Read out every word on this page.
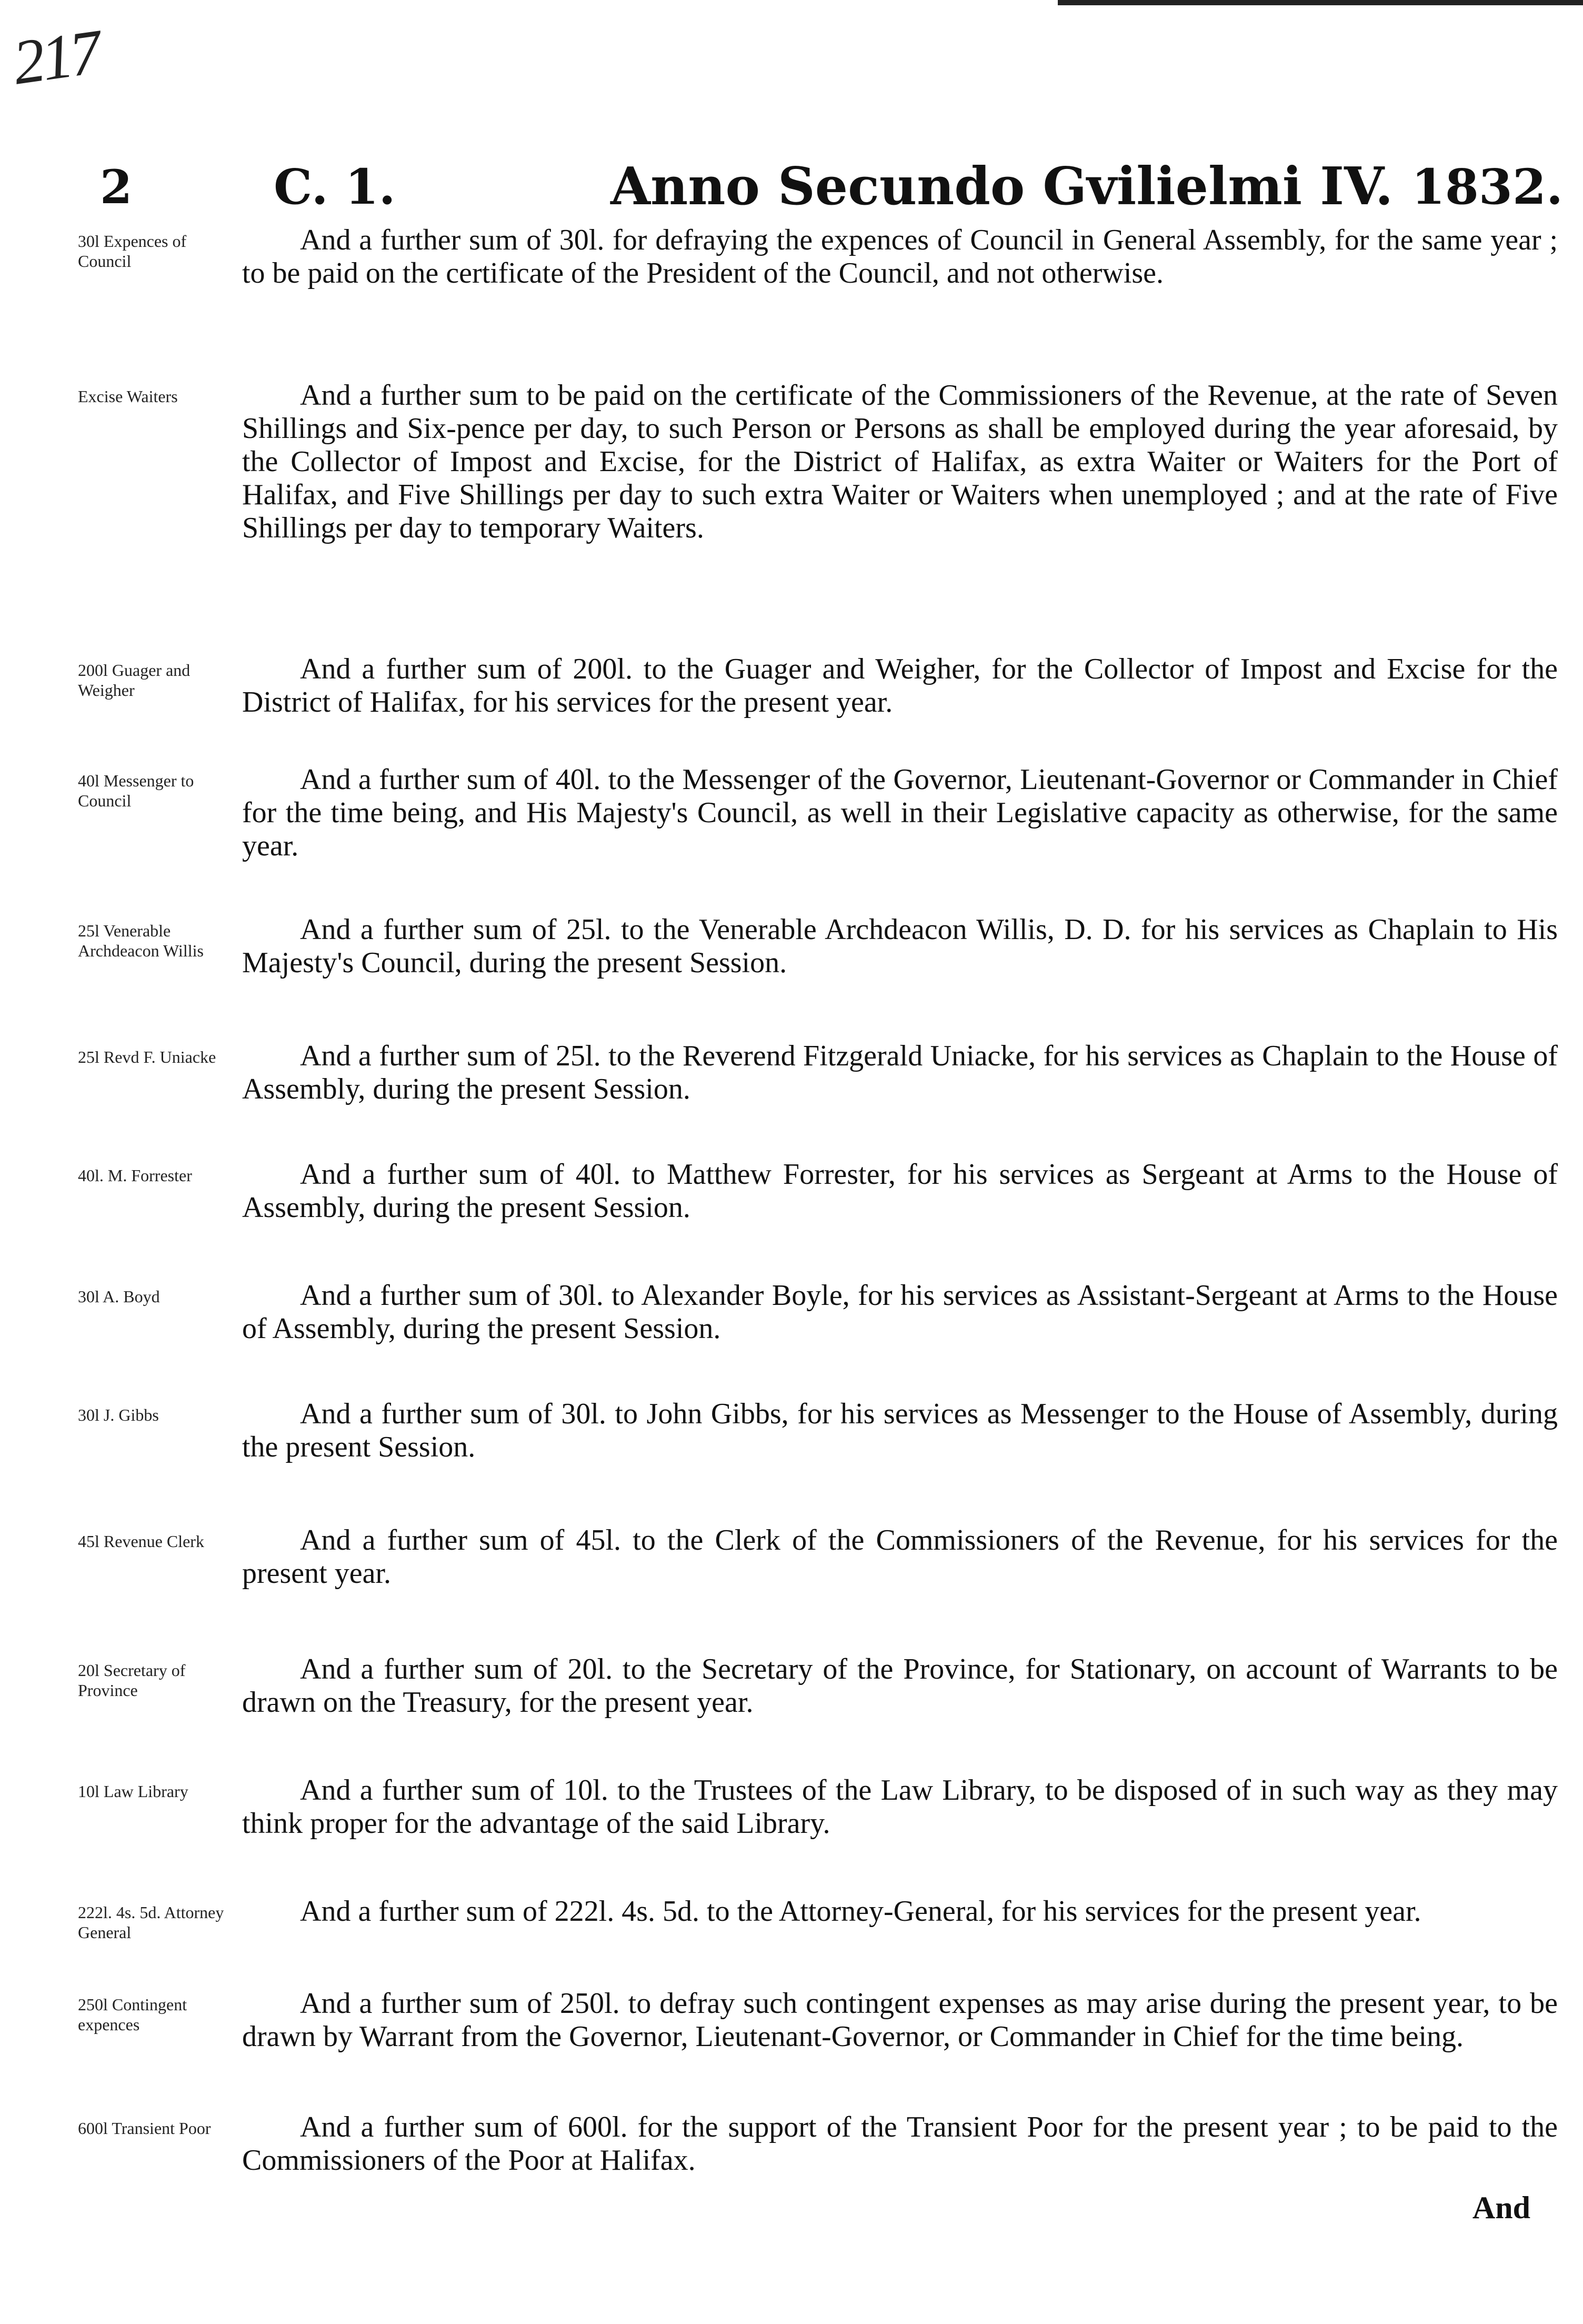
217
2	C. 1.	Anno Secundo Gvilielmi IV. 1832.
30l Expences of Council
And a further sum of 30l. for defraying the expences of Council in General Assembly, for the same year ; to be paid on the certificate of the President of the Council, and not otherwise.
Excise Waiters	And a further sum to be paid on the certificate of the Commissioners of the Revenue, at the rate of Seven Shillings and Six-pence per day, to such Person or Persons as shall be employed during the year aforesaid, by the Collector of Impost and Excise, for the District of Halifax, as extra Waiter or Waiters for the Port of Halifax, and Five Shillings per day to such extra Waiter or Waiters when unemployed ; and at the rate of Five Shillings per day to temporary Waiters.
200l Guager and Weigher
And a further sum of 200l. to the Guager and Weigher, for the Collector of Impost and Excise for the District of Halifax, for his services for the present year.
40l Messenger to Council
And a further sum of 40l. to the Messenger of the Governor, Lieutenant-Governor or Commander in Chief for the time being, and His Majesty's Council, as well in their Legislative capacity as otherwise, for the same year.
25l Venerable Archdeacon Willis
And a further sum of 25l. to the Venerable Archdeacon Willis, D. D. for his services as Chaplain to His Majesty's Council, during the present Session.
25l Revd F. Uniacke	And a further sum of 25l. to the Reverend Fitzgerald Uniacke, for his services as Chaplain to the House of Assembly, during the present Session.
40l. M. Forrester	And a further sum of 40l. to Matthew Forrester, for his services as Sergeant at Arms to the House of Assembly, during the present Session.
30l A. Boyd	And a further sum of 30l. to Alexander Boyle, for his services as Assistant-Sergeant at Arms to the House of Assembly, during the present Session.
30l J. Gibbs	And a further sum of 30l. to John Gibbs, for his services as Messenger to the House of Assembly, during the present Session.
45l Revenue Clerk	And a further sum of 45l. to the Clerk of the Commissioners of the Revenue, for his services for the present year.
20l Secretary of Province
And a further sum of 20l. to the Secretary of the Province, for Stationary, on account of Warrants to be drawn on the Treasury, for the present year.
10l Law Library	And a further sum of 10l. to the Trustees of the Law Library, to be disposed of in such way as they may think proper for the advantage of the said Library.
222l. 4s. 5d. Attorney General
And a further sum of 222l. 4s. 5d. to the Attorney-General, for his services for the present year.
250l Contingent expences
And a further sum of 250l. to defray such contingent expenses as may arise during the present year, to be drawn by Warrant from the Governor, Lieutenant-Governor, or Commander in Chief for the time being.
600l Transient Poor	And a further sum of 600l. for the support of the Transient Poor for the present year ; to be paid to the Commissioners of the Poor at Halifax.
And
